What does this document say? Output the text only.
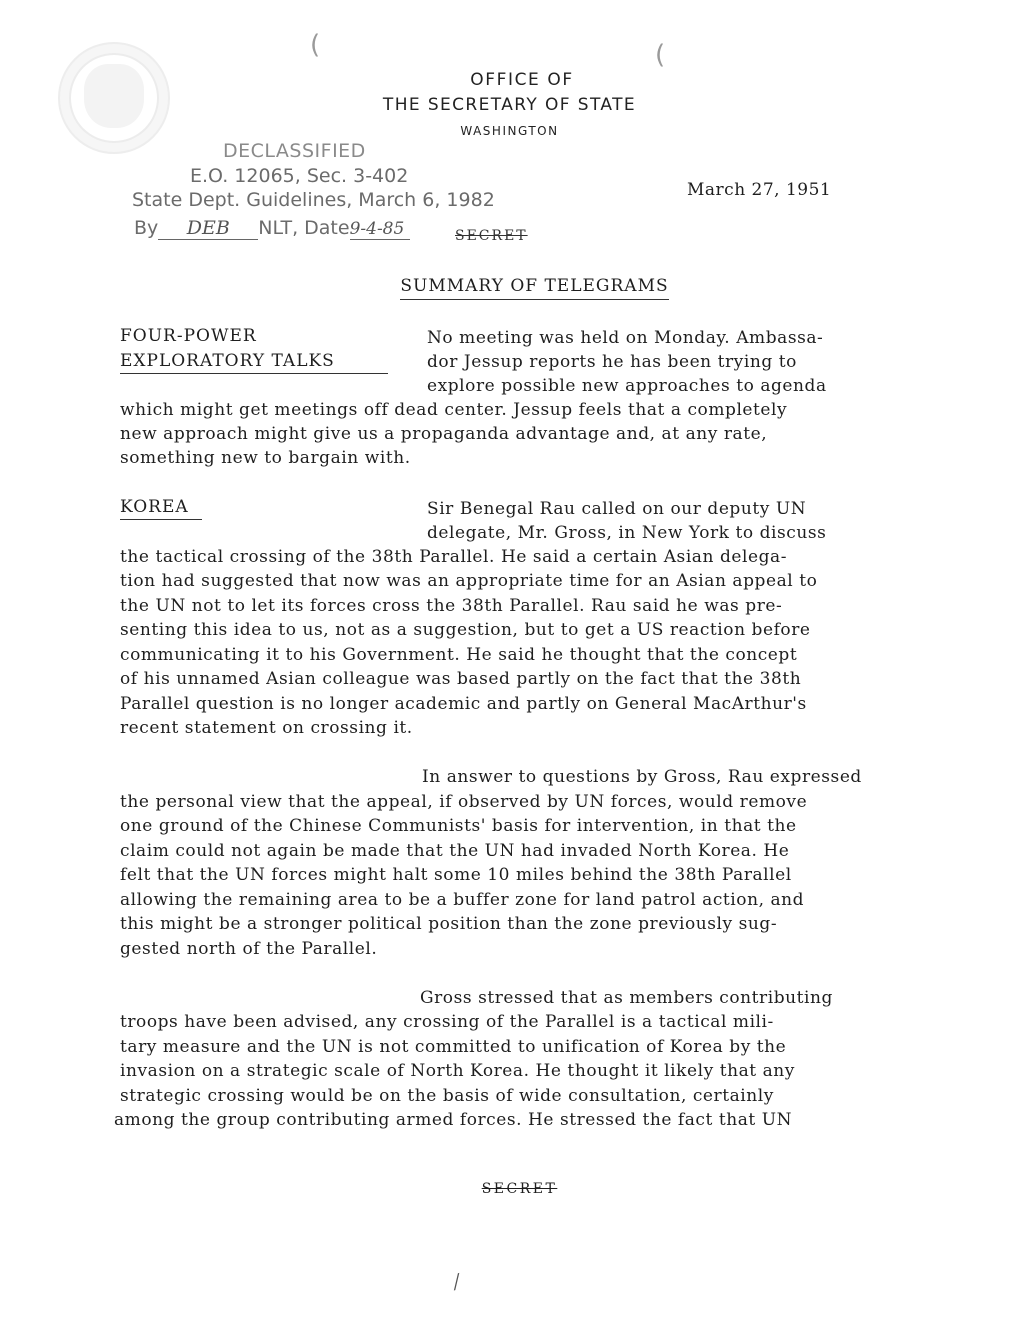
(	(
OFFICE OF
THE SECRETARY OF STATE
WASHINGTON
DECLASSIFIED
E.O. 12065, Sec. 3-402
State Dept. Guidelines, March 6, 1982
By DEB NLT, Date9-4-85	SECRET
March 27, 1951
SUMMARY OF TELEGRAMS
FOUR-POWER
EXPLORATORY TALKS
No meeting was held on Monday. Ambassa-
dor Jessup reports he has been trying to
explore possible new approaches to agenda
which might get meetings off dead center. Jessup feels that a completely
new approach might give us a propaganda advantage and, at any rate,
something new to bargain with.
KOREA	Sir Benegal Rau called on our deputy UN
delegate, Mr. Gross, in New York to discuss
the tactical crossing of the 38th Parallel. He said a certain Asian delega-
tion had suggested that now was an appropriate time for an Asian appeal to
the UN not to let its forces cross the 38th Parallel. Rau said he was pre-
senting this idea to us, not as a suggestion, but to get a US reaction before
communicating it to his Government. He said he thought that the concept
of his unnamed Asian colleague was based partly on the fact that the 38th
Parallel question is no longer academic and partly on General MacArthur's
recent statement on crossing it.
In answer to questions by Gross, Rau expressed
the personal view that the appeal, if observed by UN forces, would remove
one ground of the Chinese Communists' basis for intervention, in that the
claim could not again be made that the UN had invaded North Korea. He
felt that the UN forces might halt some 10 miles behind the 38th Parallel
allowing the remaining area to be a buffer zone for land patrol action, and
this might be a stronger political position than the zone previously sug-
gested north of the Parallel.
Gross stressed that as members contributing
troops have been advised, any crossing of the Parallel is a tactical mili-
tary measure and the UN is not committed to unification of Korea by the
invasion on a strategic scale of North Korea. He thought it likely that any
strategic crossing would be on the basis of wide consultation, certainly
among the group contributing armed forces. He stressed the fact that UN
SECRET
⁄
